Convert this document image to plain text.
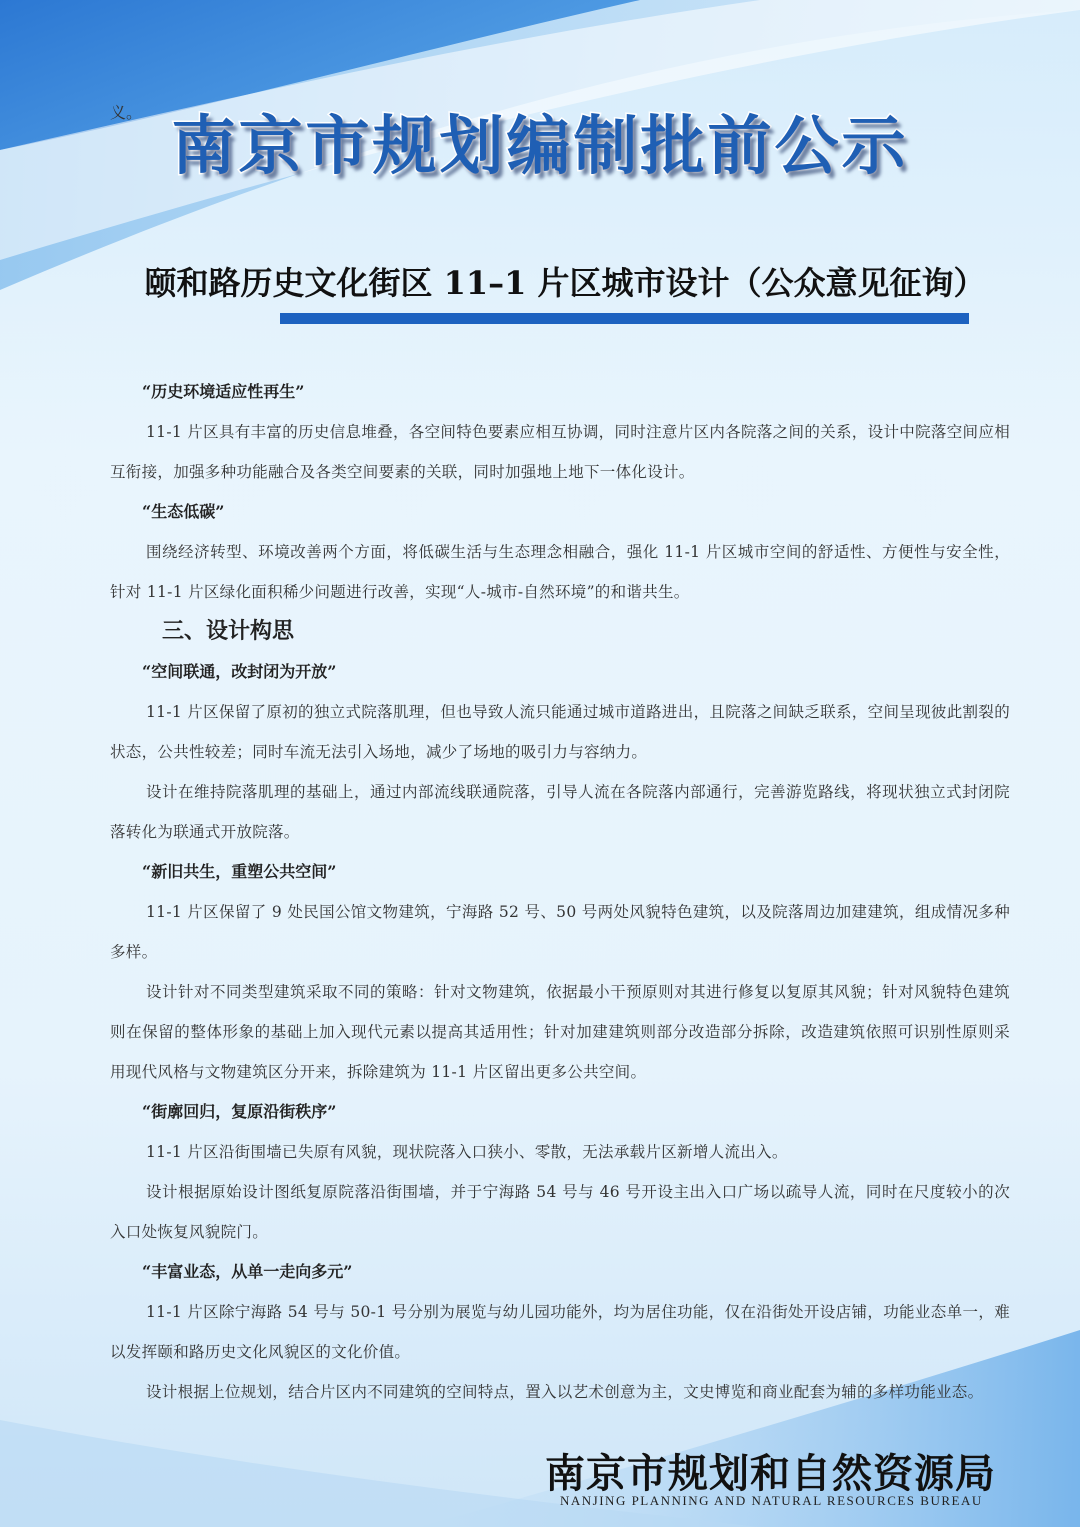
义。 南京市规划编制批前公示
颐和路历史文化街区 11–1 片区城市设计（公众意见征询）

“历史环境适应性再生”

11-1 片区具有丰富的历史信息堆叠，各空间特色要素应相互协调，同时注意片区内各院落之间的关系，设计中院落空间应相互衔接，加强多种功能融合及各类空间要素的关联，同时加强地上地下一体化设计。

“生态低碳”

围绕经济转型、环境改善两个方面，将低碳生活与生态理念相融合，强化 11-1 片区城市空间的舒适性、方便性与安全性，针对 11-1 片区绿化面积稀少问题进行改善，实现“人-城市-自然环境”的和谐共生。

三、设计构思

“空间联通，改封闭为开放”

11-1 片区保留了原初的独立式院落肌理，但也导致人流只能通过城市道路进出，且院落之间缺乏联系，空间呈现彼此割裂的状态，公共性较差；同时车流无法引入场地，减少了场地的吸引力与容纳力。

设计在维持院落肌理的基础上，通过内部流线联通院落，引导人流在各院落内部通行，完善游览路线，将现状独立式封闭院落转化为联通式开放院落。

“新旧共生，重塑公共空间”

11-1 片区保留了 9 处民国公馆文物建筑，宁海路 52 号、50 号两处风貌特色建筑，以及院落周边加建建筑，组成情况多种多样。

设计针对不同类型建筑采取不同的策略：针对文物建筑，依据最小干预原则对其进行修复以复原其风貌；针对风貌特色建筑则在保留的整体形象的基础上加入现代元素以提高其适用性；针对加建建筑则部分改造部分拆除，改造建筑依照可识别性原则采用现代风格与文物建筑区分开来，拆除建筑为 11-1 片区留出更多公共空间。

“街廓回归，复原沿街秩序”

11-1 片区沿街围墙已失原有风貌，现状院落入口狭小、零散，无法承载片区新增人流出入。

设计根据原始设计图纸复原院落沿街围墙，并于宁海路 54 号与 46 号开设主出入口广场以疏导人流，同时在尺度较小的次入口处恢复风貌院门。

“丰富业态，从单一走向多元”

11-1 片区除宁海路 54 号与 50-1 号分别为展览与幼儿园功能外，均为居住功能，仅在沿街处开设店铺，功能业态单一，难以发挥颐和路历史文化风貌区的文化价值。

设计根据上位规划，结合片区内不同建筑的空间特点，置入以艺术创意为主，文史博览和商业配套为辅的多样功能业态。

南京市规划和自然资源局
NANJING PLANNING AND NATURAL RESOURCES BUREAU
